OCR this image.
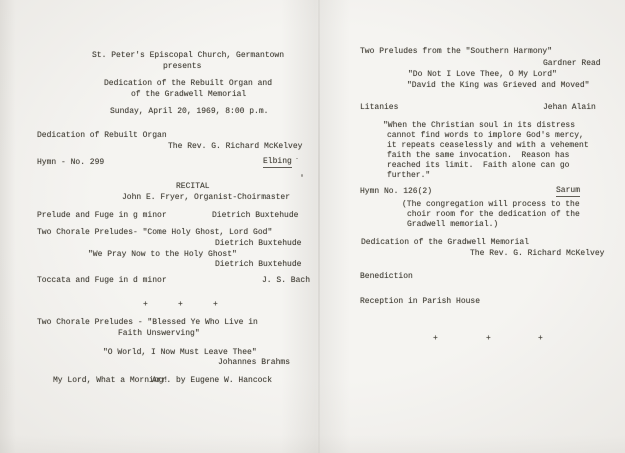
St. Peter's Episcopal Church, Germantown
presents
Dedication of the Rebuilt Organ and
of the Gradwell Memorial
Sunday, April 20, 1969, 8:00 p.m.
Dedication of Rebuilt Organ
The Rev. G. Richard McKelvey
Hymn - No. 299	Elbing
RECITAL
John E. Fryer, Organist-Choirmaster
Prelude and Fuge in g minor	Dietrich Buxtehude
Two Chorale Preludes- "Come Holy Ghost, Lord God"
Dietrich Buxtehude
"We Pray Now to the Holy Ghost"
Dietrich Buxtehude
Toccata and Fuge in d minor	J. S. Bach
+	+	+
Two Chorale Preludes - "Blessed Ye Who Live in
Faith Unswerving"
"O World, I Now Must Leave Thee"
Johannes Brahms
My Lord, What a Morning!
Arr. by Eugene W. Hancock
Two Preludes from the "Southern Harmony"
Gardner Read
"Do Not I Love Thee, O My Lord"
"David the King was Grieved and Moved"
Litanies	Jehan Alain
"When the Christian soul in its distress
cannot find words to implore God's mercy,
it repeats ceaselessly and with a vehement
faith the same invocation.  Reason has
reached its limit.  Faith alone can go
further."
Hymn No. 126(2)	Sarum
(The congregation will process to the
choir room for the dedication of the
Gradwell memorial.)
Dedication of the Gradwell Memorial
The Rev. G. Richard McKelvey
Benediction
Reception in Parish House
+	+	+
